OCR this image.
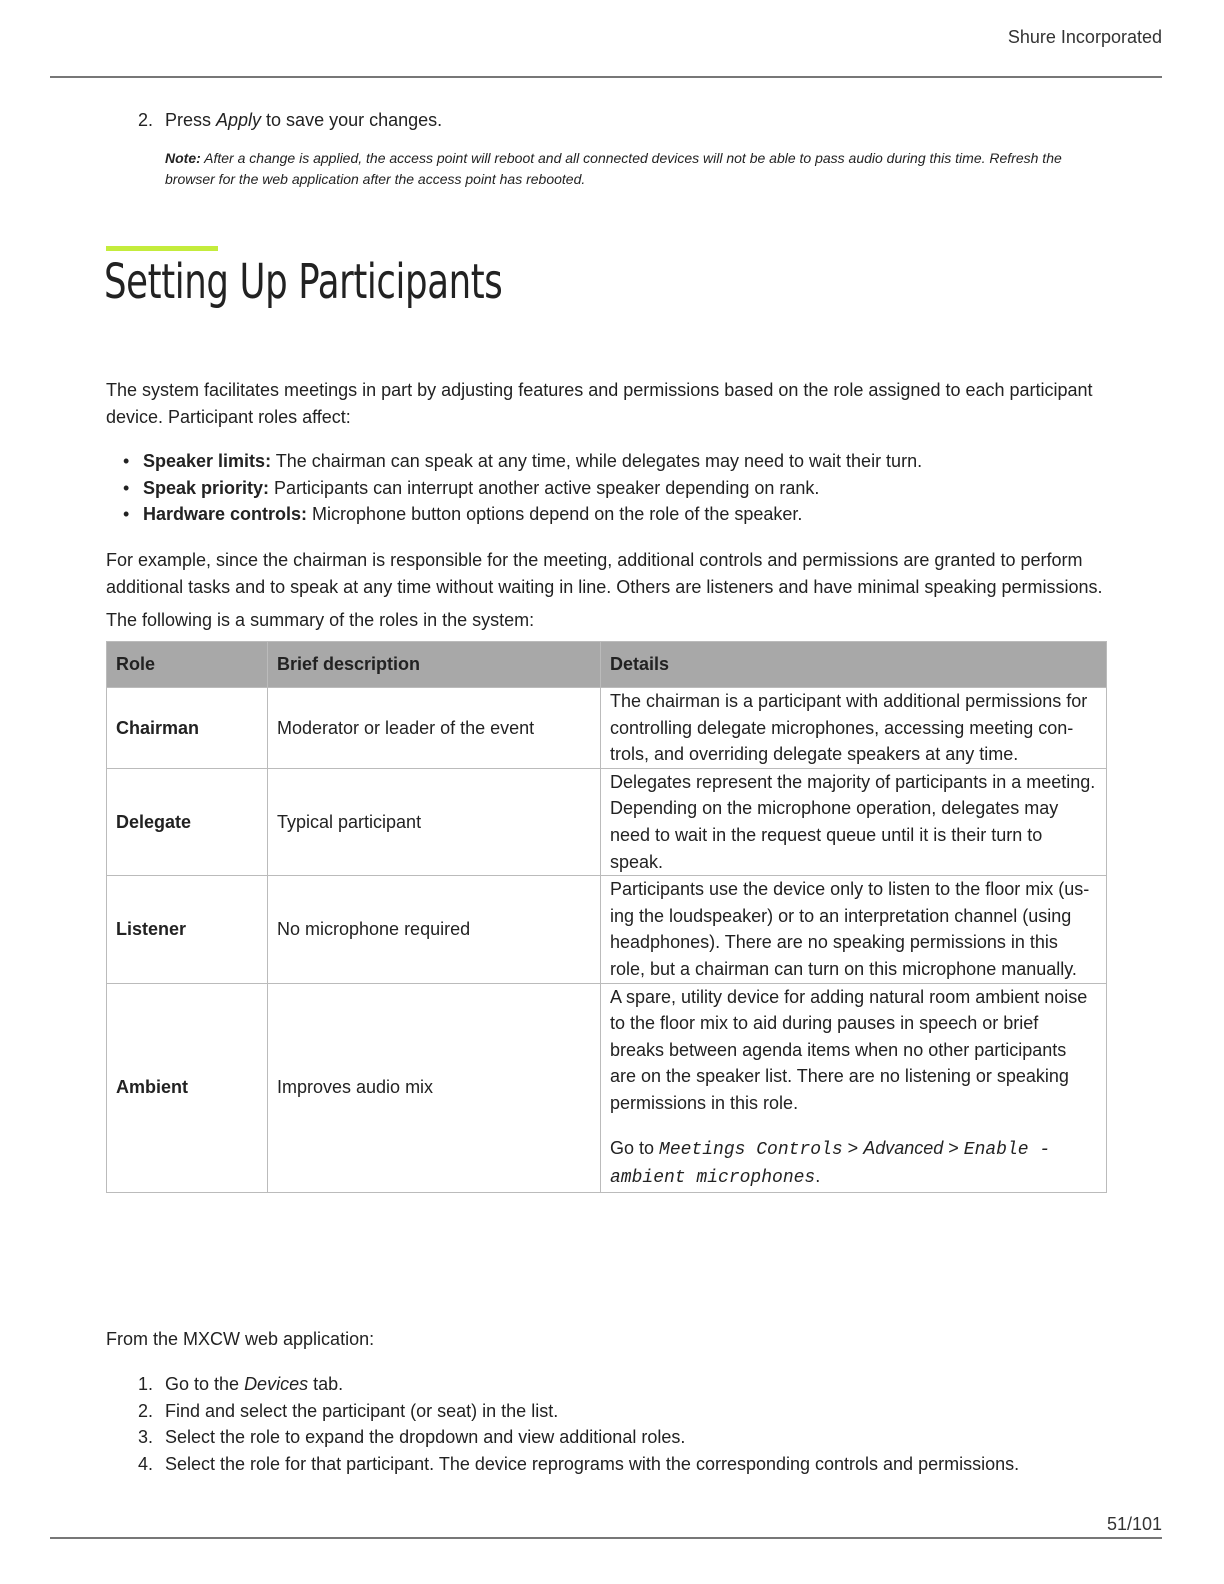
Shure Incorporated
2. Press Apply to save your changes.
Note: After a change is applied, the access point will reboot and all connected devices will not be able to pass audio during this time. Refresh the browser for the web application after the access point has rebooted.
Setting Up Participants

The system facilitates meetings in part by adjusting features and permissions based on the role assigned to each participant device. Participant roles affect:

• Speaker limits: The chairman can speak at any time, while delegates may need to wait their turn.
• Speak priority: Participants can interrupt another active speaker depending on rank.
• Hardware controls: Microphone button options depend on the role of the speaker.

For example, since the chairman is responsible for the meeting, additional controls and permissions are granted to perform additional tasks and to speak at any time without waiting in line. Others are listeners and have minimal speaking permissions.

The following is a summary of the roles in the system:

Role	Brief description	Details
Chairman	Moderator or leader of the event	The chairman is a participant with additional permissions for controlling delegate microphones, accessing meeting controls, and overriding delegate speakers at any time.

Delegate	Typical participant	Delegates represent the majority of participants in a meeting. Depending on the microphone operation, delegates may need to wait in the request queue until it is their turn to speak.

Listener	No microphone required	Participants use the device only to listen to the floor mix (using the loudspeaker) or to an interpretation channel (using headphones). There are no speaking permissions in this role, but a chairman can turn on this microphone manually.

Ambient	Improves audio mix	A spare, utility device for adding natural room ambient noise to the floor mix to aid during pauses in speech or brief breaks between agenda items when no other participants are on the speaker list. There are no listening or speaking permissions in this role.

Go to Meetings Controls > Advanced > Enable - ambient microphones.

From the MXCW web application:

1. Go to the Devices tab.
2. Find and select the participant (or seat) in the list.
3. Select the role to expand the dropdown and view additional roles.
4. Select the role for that participant. The device reprograms with the corresponding controls and permissions.
51/101
